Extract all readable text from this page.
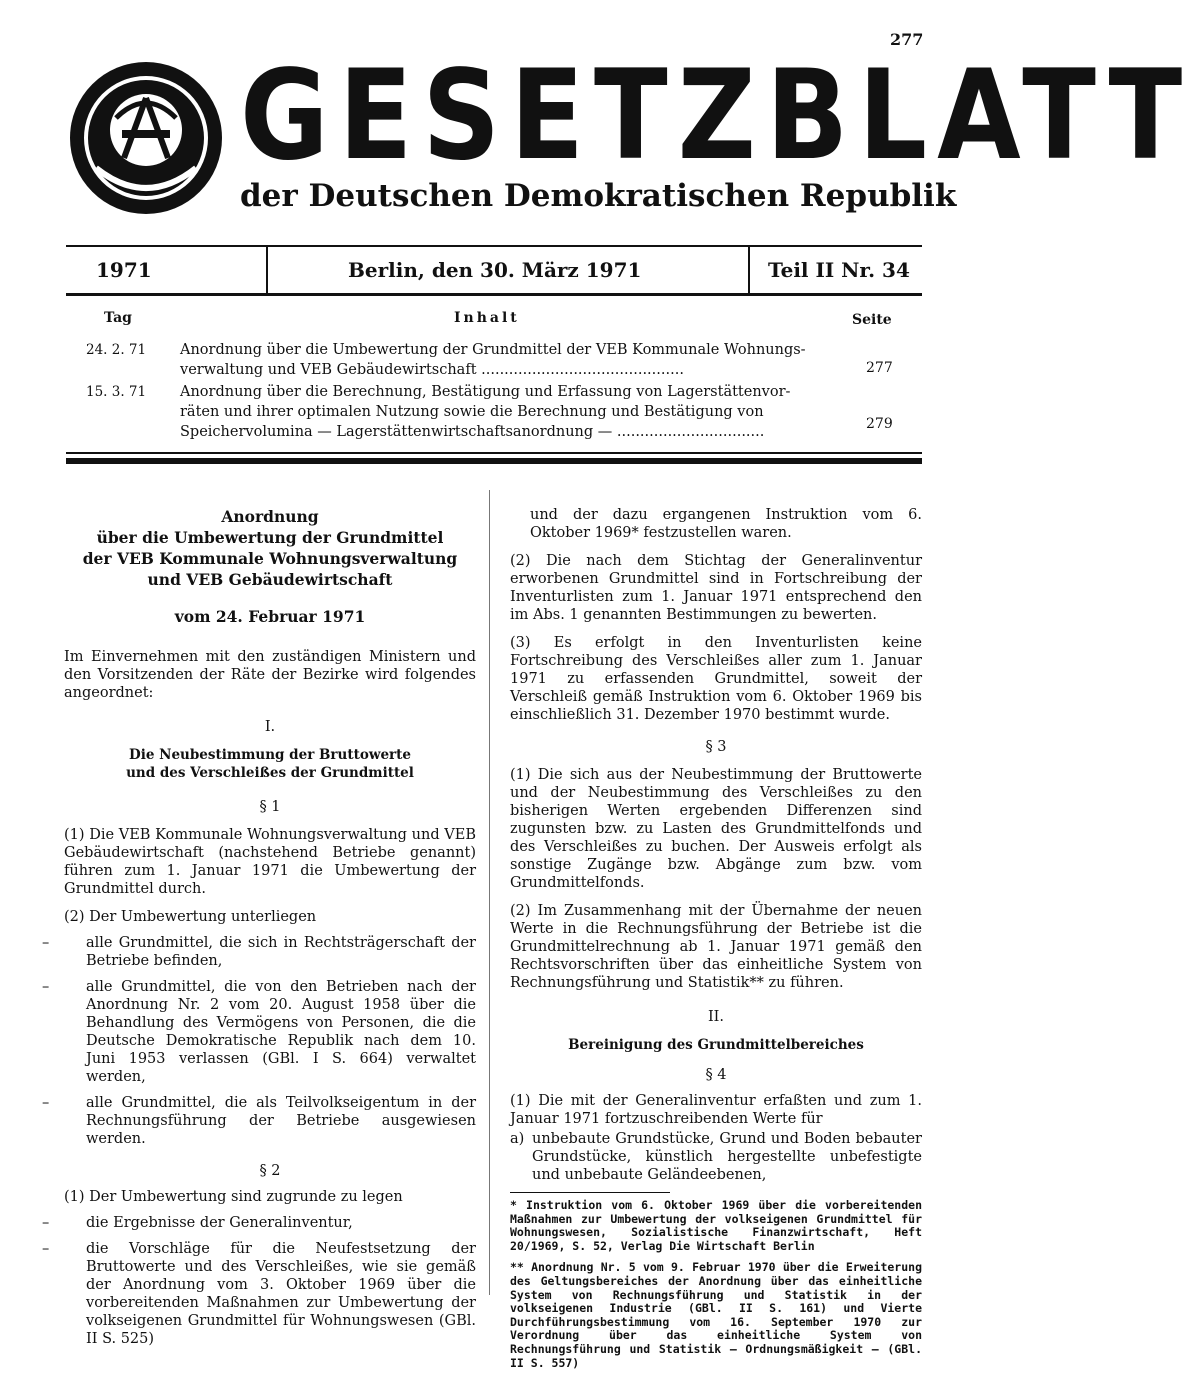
277
GESETZBLATT
der Deutschen Demokratischen Republik
1971	Berlin, den 30. März 1971	Teil II Nr. 34
Tag	Inhalt	Seite
24. 2. 71 Anordnung über die Umbewertung der Grundmittel der VEB Kommunale Wohnungs-
verwaltung und VEB Gebäudewirtschaft ............................................	277
15. 3. 71 Anordnung über die Berechnung, Bestätigung und Erfassung von Lagerstättenvor-
räten und ihrer optimalen Nutzung sowie die Berechnung und Bestätigung von
Speichervolumina — Lagerstättenwirtschaftsanordnung — ................................	279
Anordnung
über die Umbewertung der Grundmittel
der VEB Kommunale Wohnungsverwaltung
und VEB Gebäudewirtschaft
vom 24. Februar 1971
Im Einvernehmen mit den zuständigen Ministern und den Vorsitzenden der Räte der Bezirke wird folgendes angeordnet:
I.
Die Neubestimmung der Bruttowerte
und des Verschleißes der Grundmittel
§ 1
(1) Die VEB Kommunale Wohnungsverwaltung und VEB Gebäudewirtschaft (nachstehend Betriebe genannt) führen zum 1. Januar 1971 die Umbewertung der Grundmittel durch.
(2) Der Umbewertung unterliegen
–	alle Grundmittel, die sich in Rechtsträgerschaft der Betriebe befinden,
–	alle Grundmittel, die von den Betrieben nach der Anordnung Nr. 2 vom 20. August 1958 über die Behandlung des Vermögens von Personen, die die Deutsche Demokratische Republik nach dem 10. Juni 1953 verlassen (GBl. I S. 664) verwaltet werden,
–	alle Grundmittel, die als Teilvolkseigentum in der Rechnungsführung der Betriebe ausgewiesen werden.
§ 2
(1) Der Umbewertung sind zugrunde zu legen
–	die Ergebnisse der Generalinventur,
–	die Vorschläge für die Neufestsetzung der Bruttowerte und des Verschleißes, wie sie gemäß der Anordnung vom 3. Oktober 1969 über die vorbereitenden Maßnahmen zur Umbewertung der volkseigenen Grundmittel für Wohnungswesen (GBl. II S. 525)
und der dazu ergangenen Instruktion vom 6. Oktober 1969* festzustellen waren.
(2) Die nach dem Stichtag der Generalinventur erworbenen Grundmittel sind in Fortschreibung der Inventurlisten zum 1. Januar 1971 entsprechend den im Abs. 1 genannten Bestimmungen zu bewerten.
(3) Es erfolgt in den Inventurlisten keine Fortschreibung des Verschleißes aller zum 1. Januar 1971 zu erfassenden Grundmittel, soweit der Verschleiß gemäß Instruktion vom 6. Oktober 1969 bis einschließlich 31. Dezember 1970 bestimmt wurde.
§ 3
(1) Die sich aus der Neubestimmung der Bruttowerte und der Neubestimmung des Verschleißes zu den bisherigen Werten ergebenden Differenzen sind zugunsten bzw. zu Lasten des Grundmittelfonds und des Verschleißes zu buchen. Der Ausweis erfolgt als sonstige Zugänge bzw. Abgänge zum bzw. vom Grundmittelfonds.
(2) Im Zusammenhang mit der Übernahme der neuen Werte in die Rechnungsführung der Betriebe ist die Grundmittelrechnung ab 1. Januar 1971 gemäß den Rechtsvorschriften über das einheitliche System von Rechnungsführung und Statistik** zu führen.
II.
Bereinigung des Grundmittelbereiches
§ 4
(1) Die mit der Generalinventur erfaßten und zum 1. Januar 1971 fortzuschreibenden Werte für
a) unbebaute Grundstücke, Grund und Boden bebauter Grundstücke, künstlich hergestellte unbefestigte und unbebaute Geländeebenen,
* Instruktion vom 6. Oktober 1969 über die vorbereitenden Maßnahmen zur Umbewertung der volkseigenen Grundmittel für Wohnungswesen, Sozialistische Finanzwirtschaft, Heft 20/1969, S. 52, Verlag Die Wirtschaft Berlin
** Anordnung Nr. 5 vom 9. Februar 1970 über die Erweiterung des Geltungsbereiches der Anordnung über das einheitliche System von Rechnungsführung und Statistik in der volkseigenen Industrie (GBl. II S. 161) und Vierte Durchführungsbestimmung vom 16. September 1970 zur Verordnung über das einheitliche System von Rechnungsführung und Statistik — Ordnungsmäßigkeit — (GBl. II S. 557)
